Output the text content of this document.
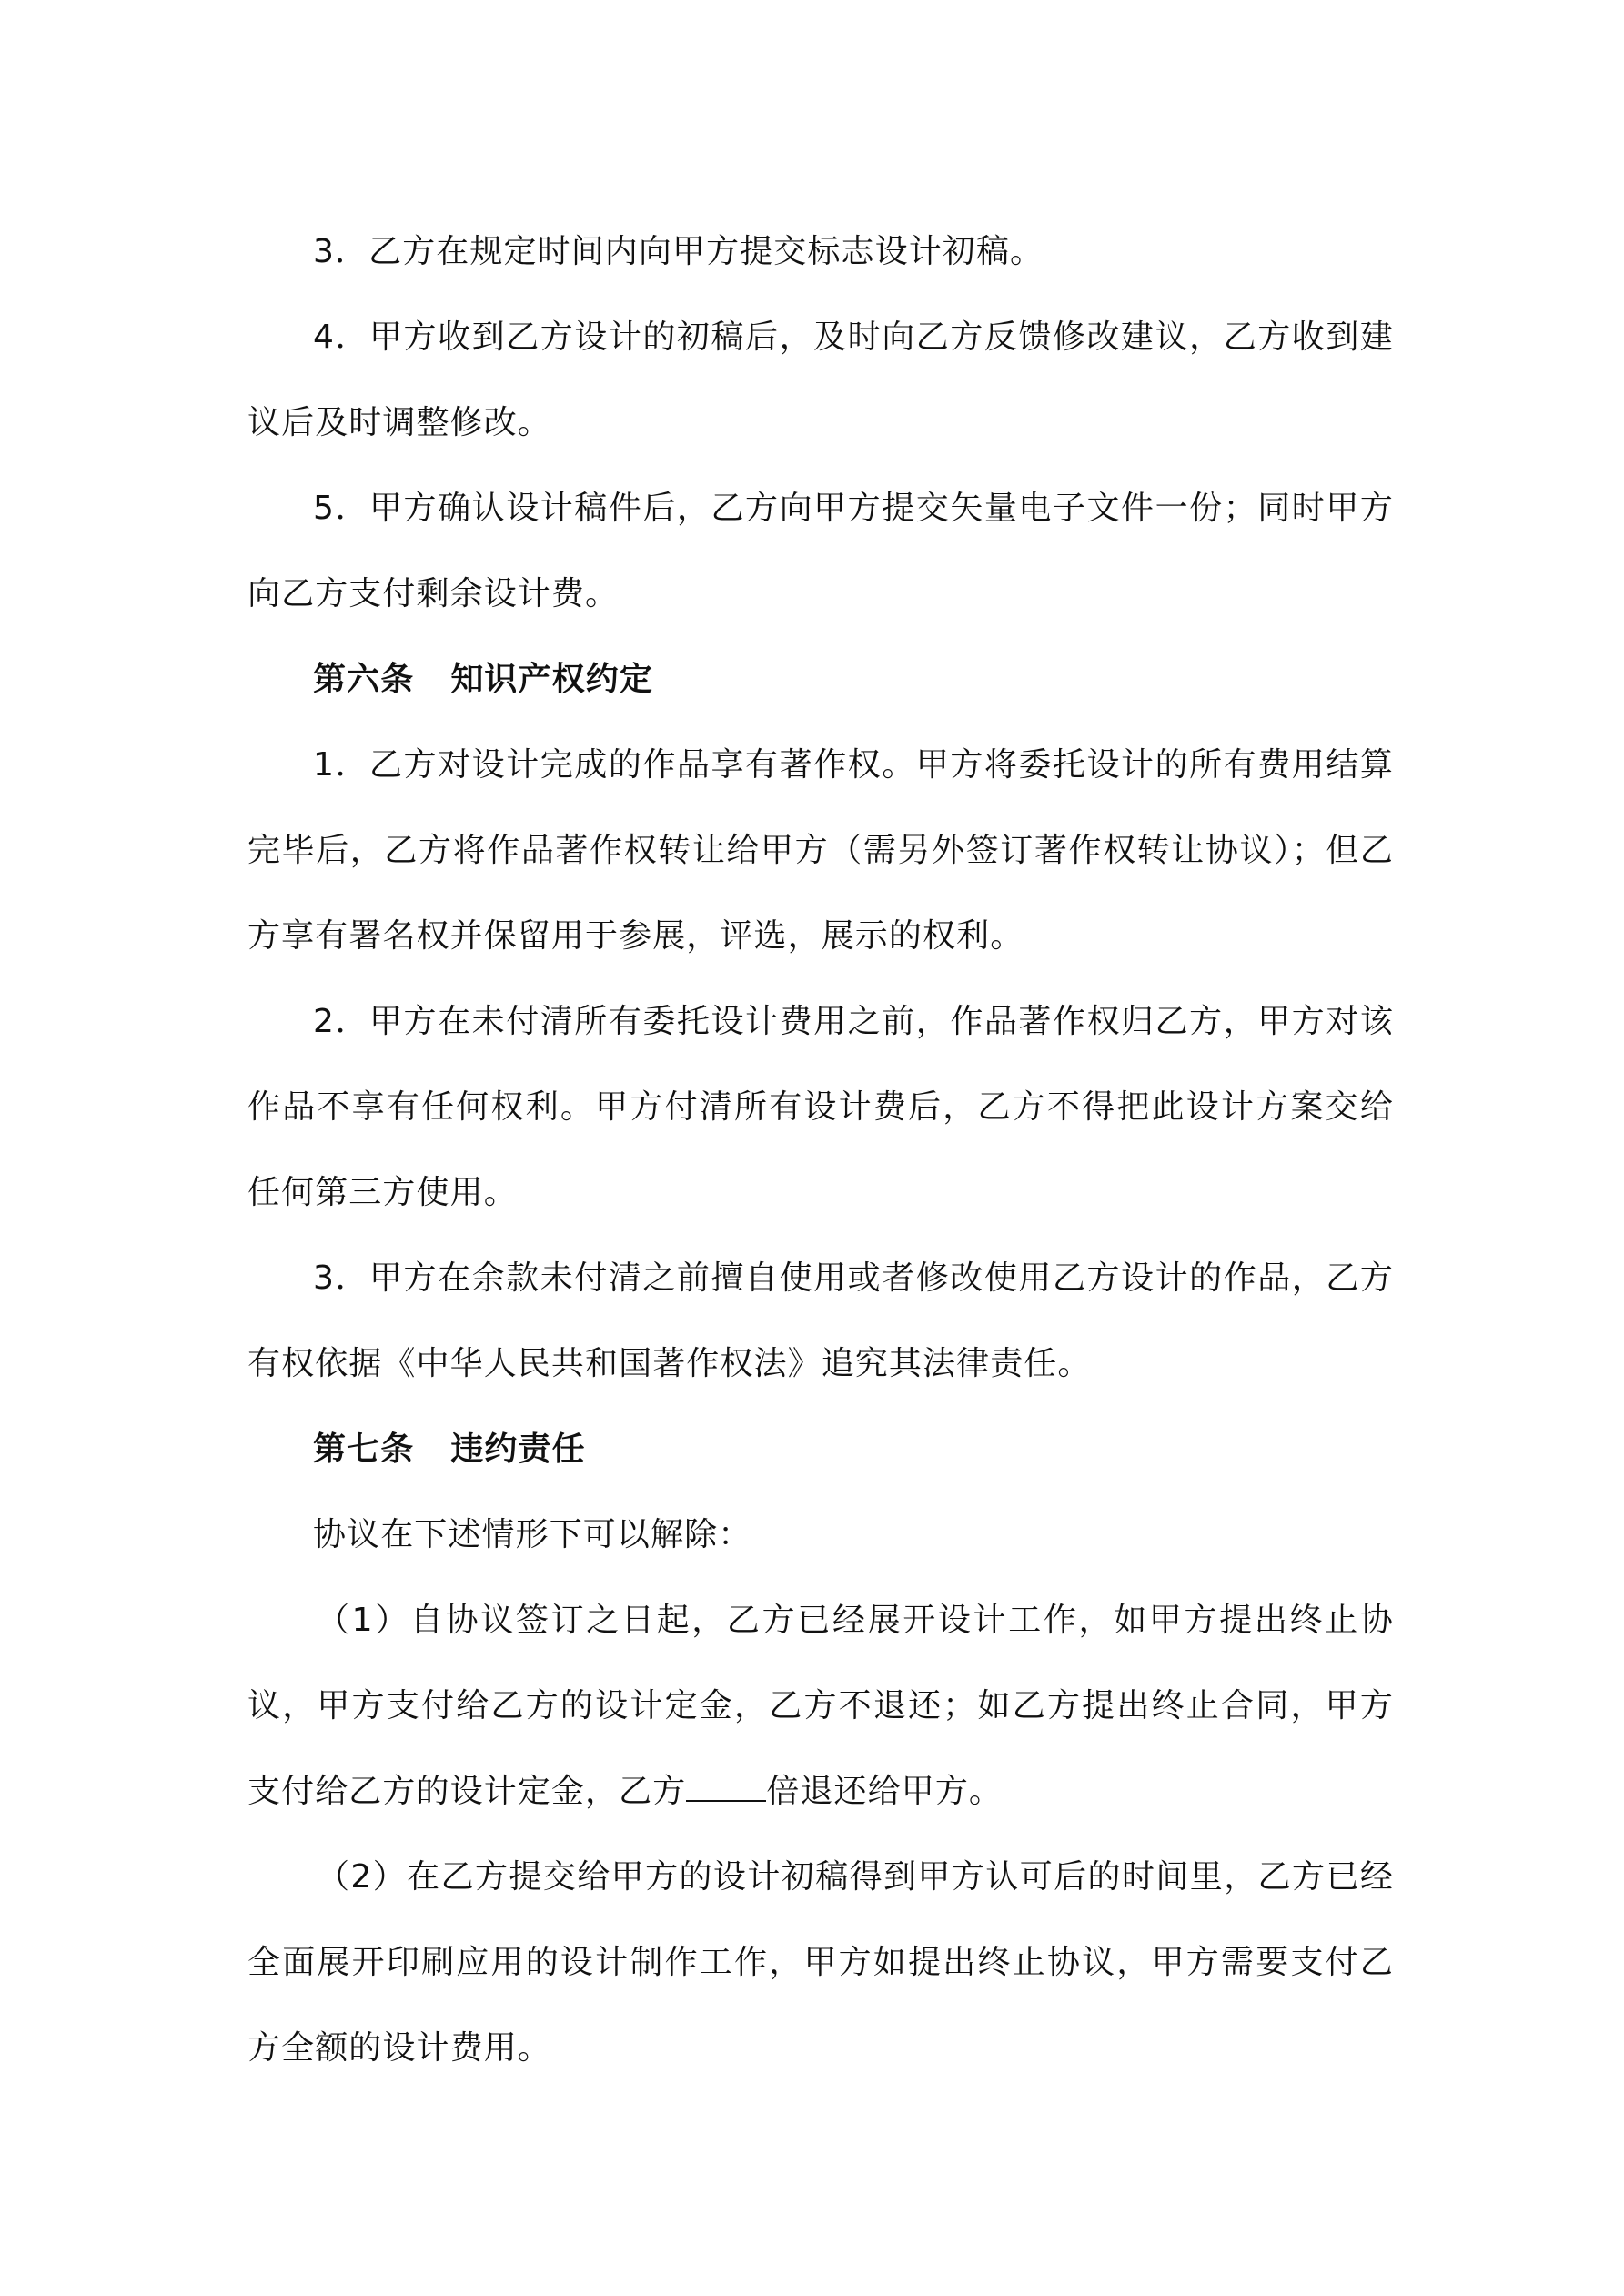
3．乙方在规定时间内向甲方提交标志设计初稿。

4．甲方收到乙方设计的初稿后，及时向乙方反馈修改建议，乙方收到建议后及时调整修改。

5．甲方确认设计稿件后，乙方向甲方提交矢量电子文件一份；同时甲方向乙方支付剩余设计费。

第六条 知识产权约定

1．乙方对设计完成的作品享有著作权。甲方将委托设计的所有费用结算完毕后，乙方将作品著作权转让给甲方（需另外签订著作权转让协议）；但乙方享有署名权并保留用于参展，评选，展示的权利。

2．甲方在未付清所有委托设计费用之前，作品著作权归乙方，甲方对该作品不享有任何权利。甲方付清所有设计费后，乙方不得把此设计方案交给任何第三方使用。

3．甲方在余款未付清之前擅自使用或者修改使用乙方设计的作品，乙方有权依据《中华人民共和国著作权法》追究其法律责任。

第七条 违约责任

协议在下述情形下可以解除：

（1）自协议签订之日起，乙方已经展开设计工作，如甲方提出终止协议，甲方支付给乙方的设计定金，乙方不退还；如乙方提出终止合同，甲方支付给乙方的设计定金，乙方 倍退还给甲方。

（2）在乙方提交给甲方的设计初稿得到甲方认可后的时间里，乙方已经全面展开印刷应用的设计制作工作，甲方如提出终止协议，甲方需要支付乙方全额的设计费用。
